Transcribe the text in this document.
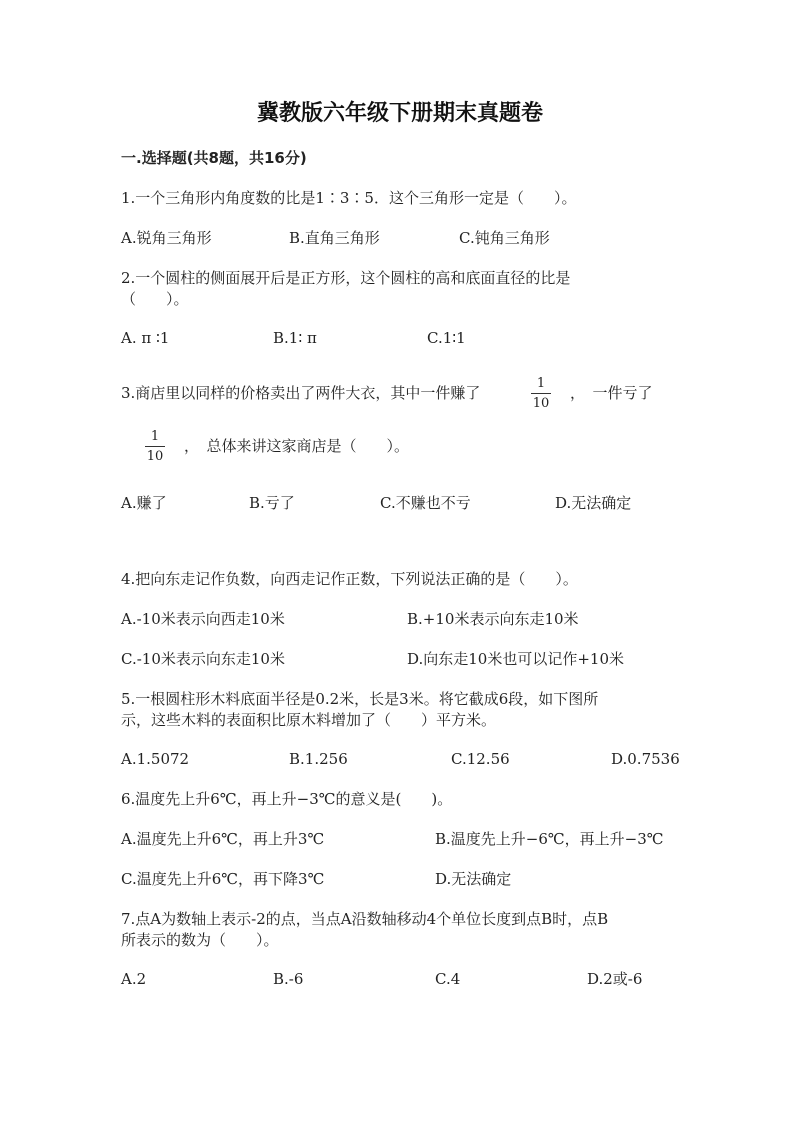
冀教版六年级下册期末真题卷
一.选择题(共8题，共16分)
1.一个三角形内角度数的比是1∶3∶5．这个三角形一定是（　　）。
A.锐角三角形	B.直角三角形	C.钝角三角形
2.一个圆柱的侧面展开后是正方形，这个圆柱的高和底面直径的比是
（　　）。
A. π ∶1	B.1∶ π	C.1∶1
3.商店里以同样的价格卖出了两件大衣，其中一件赚了
1
10
，　一件亏了
1
10
，　总体来讲这家商店是（　　）。
A.赚了	B.亏了	C.不赚也不亏	D.无法确定
4.把向东走记作负数，向西走记作正数，下列说法正确的是（　　）。
A.-10米表示向西走10米	B.+10米表示向东走10米
C.-10米表示向东走10米	D.向东走10米也可以记作+10米
5.一根圆柱形木料底面半径是0.2米，长是3米。将它截成6段，如下图所
示，这些木料的表面积比原木料增加了（　　）平方米。
A.1.5072	B.1.256	C.12.56	D.0.7536
6.温度先上升6℃，再上升−3℃的意义是(　　)。
A.温度先上升6℃，再上升3℃	B.温度先上升−6℃，再上升−3℃
C.温度先上升6℃，再下降3℃	D.无法确定
7.点A为数轴上表示-2的点，当点A沿数轴移动4个单位长度到点B时，点B
所表示的数为（　　）。
A.2	B.-6	C.4	D.2或-6
